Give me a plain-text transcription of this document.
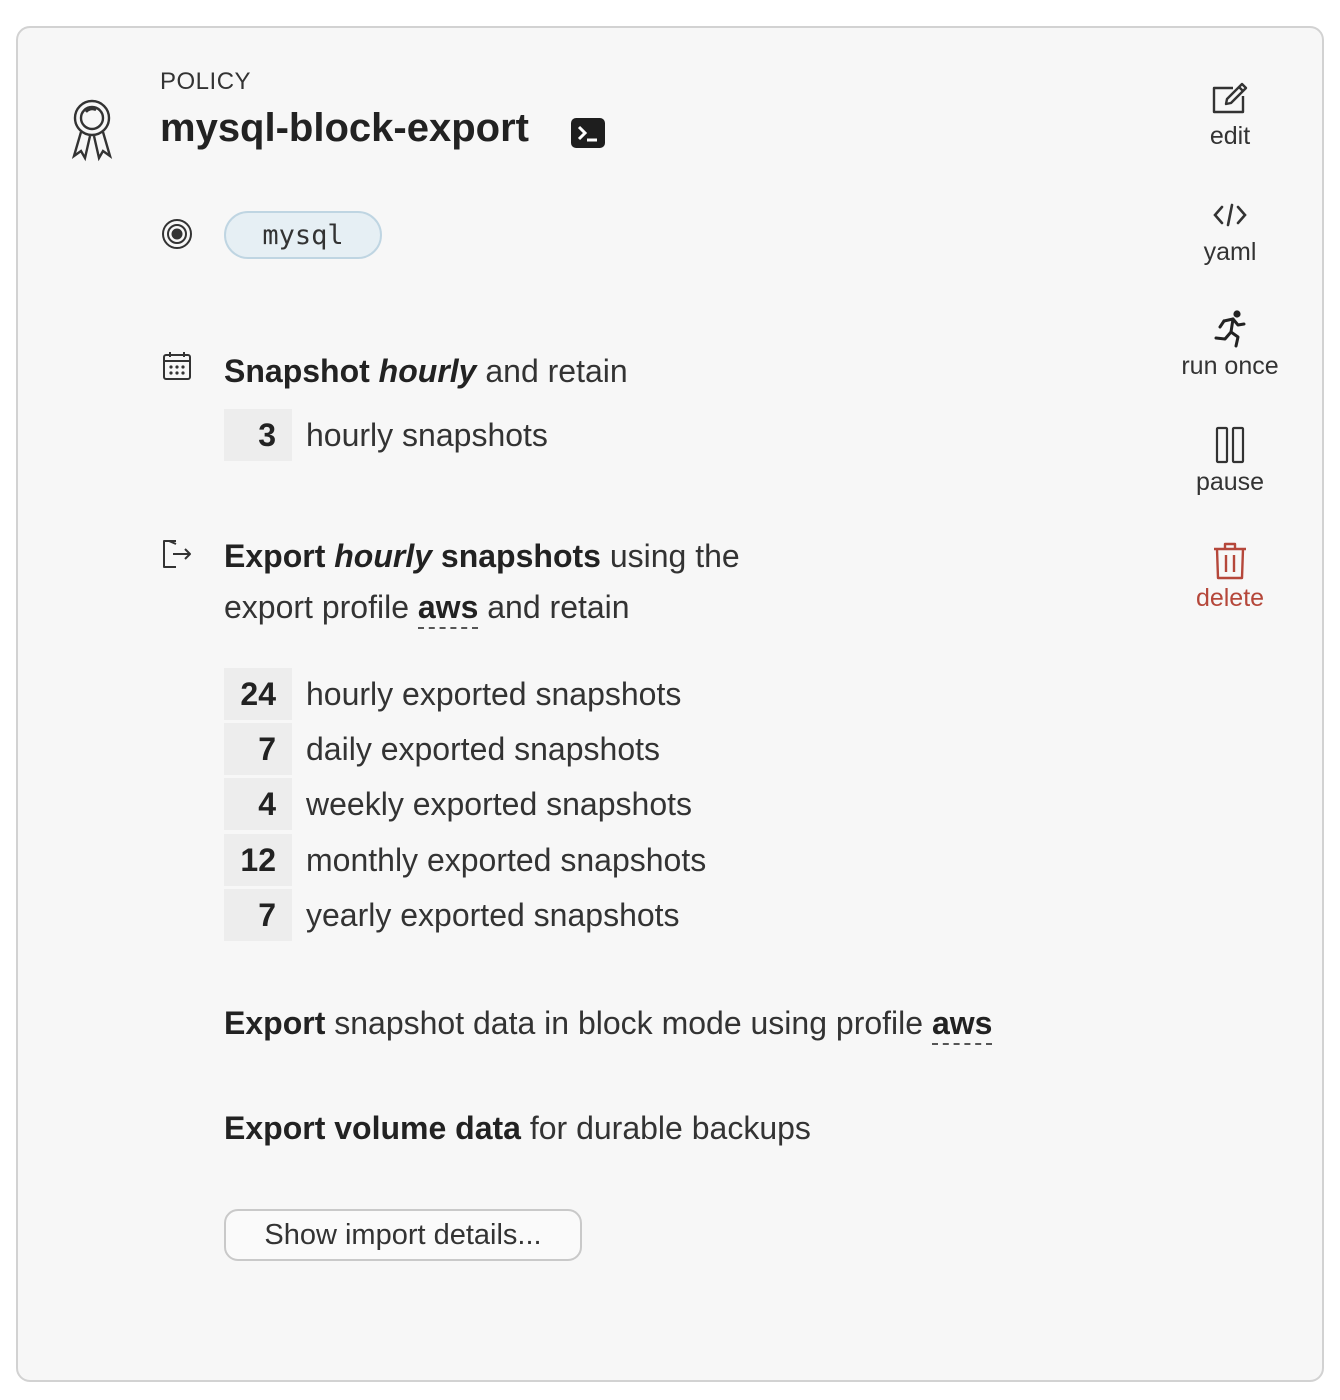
POLICY
mysql-block-export
mysql
Snapshot hourly and retain
3 hourly snapshots
Export hourly snapshots using the
export profile aws and retain
24 hourly exported snapshots
7 daily exported snapshots
4 weekly exported snapshots
12 monthly exported snapshots
7 yearly exported snapshots
Export snapshot data in block mode using profile aws
Export volume data for durable backups
Show import details...
edit
yaml
run once
pause
delete
